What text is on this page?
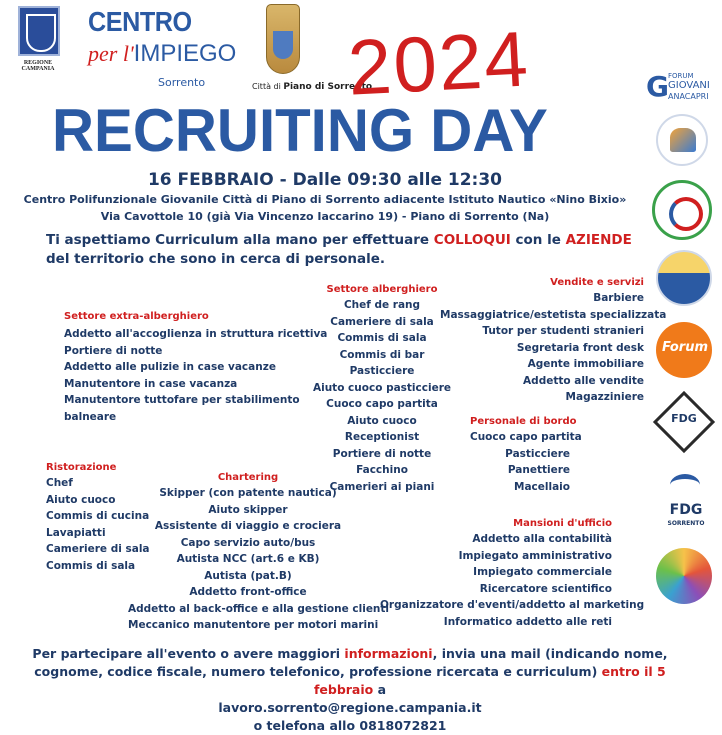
REGIONE CAMPANIA
CENTRO
per l'IMPIEGO
Sorrento	Città di Piano di Sorrento
2024
RECRUITING DAY
16 FEBBRAIO - Dalle 09:30 alle 12:30
Centro Polifunzionale Giovanile Città di Piano di Sorrento adiacente Istituto Nautico «Nino Bixio»
Via Cavottole 10 (già Via Vincenzo Iaccarino 19) - Piano di Sorrento (Na)
Ti aspettiamo Curriculum alla mano per effettuare COLLOQUI con le AZIENDE del territorio che sono in cerca di personale.
Settore extra-alberghiero
Addetto all'accoglienza in struttura ricettiva
Portiere di notte
Addetto alle pulizie in case vacanze
Manutentore in case vacanza
Manutentore tuttofare per stabilimento
balneare
Settore alberghiero
Chef de rang
Cameriere di sala
Commis di sala
Commis di bar
Pasticciere
Aiuto cuoco pasticciere
Cuoco capo partita
Aiuto cuoco
Receptionist
Portiere di notte
Facchino
Camerieri ai piani
Vendite e servizi
Barbiere
Massaggiatrice/estetista specializzata
Tutor per studenti stranieri
Segretaria front desk
Agente immobiliare
Addetto alle vendite
Magazziniere
Personale di bordo
Cuoco capo partita
Pasticciere
Panettiere
Macellaio
Ristorazione
Chef
Aiuto cuoco
Commis di cucina
Lavapiatti
Cameriere di sala
Commis di sala
Chartering
Skipper (con patente nautica)
Aiuto skipper
Assistente di viaggio e crociera
Capo servizio auto/bus
Autista NCC (art.6 e KB)
Autista (pat.B)
Addetto front-office
Addetto al back-office e alla gestione clienti
Meccanico manutentore per motori marini
Mansioni d'ufficio
Addetto alla contabilità
Impiegato amministrativo
Impiegato commerciale
Ricercatore scientifico
Organizzatore d'eventi/addetto al marketing
Informatico addetto alle reti
Per partecipare all'evento o avere maggiori informazioni, invia una mail (indicando nome, cognome, codice fiscale, numero telefonico, professione ricercata e curriculum) entro il 5 febbraio a
lavoro.sorrento@regione.campania.it
o telefona allo 0818072821
G FORUM
GIOVANI
ANACAPRI
Forum
FDG
FDG
SORRENTO
